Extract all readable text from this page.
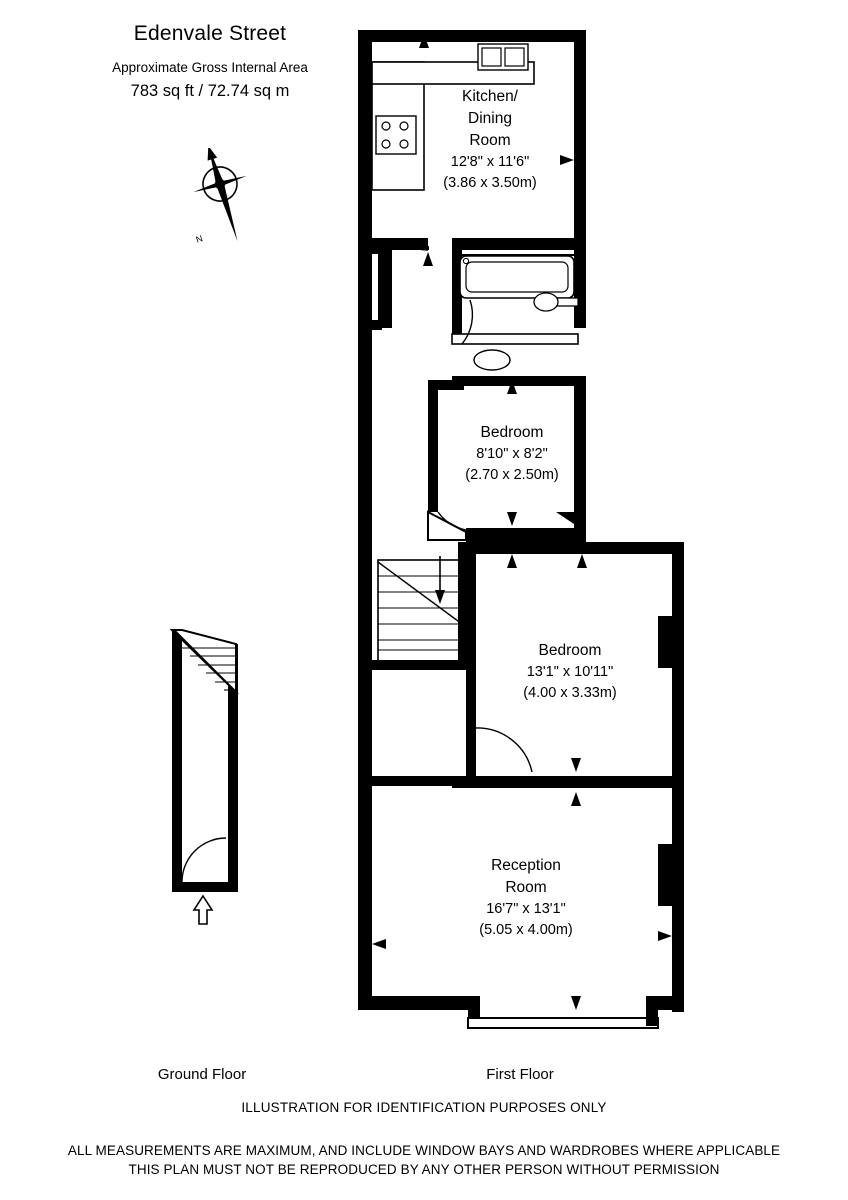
Edenvale Street
Approximate Gross Internal Area
783 sq ft / 72.74 sq m
N
Kitchen/
Dining
Room
12'8" x 11'6"
(3.86 x 3.50m)
Bedroom
8'10" x 8'2"
(2.70 x 2.50m)
Bedroom
13'1" x 10'11"
(4.00 x 3.33m)
Reception
Room
16'7" x 13'1"
(5.05 x 4.00m)
Ground Floor	First Floor
ILLUSTRATION FOR IDENTIFICATION PURPOSES ONLY
ALL MEASUREMENTS ARE MAXIMUM, AND INCLUDE WINDOW BAYS AND WARDROBES WHERE APPLICABLE
THIS PLAN MUST NOT BE REPRODUCED BY ANY OTHER PERSON WITHOUT PERMISSION
